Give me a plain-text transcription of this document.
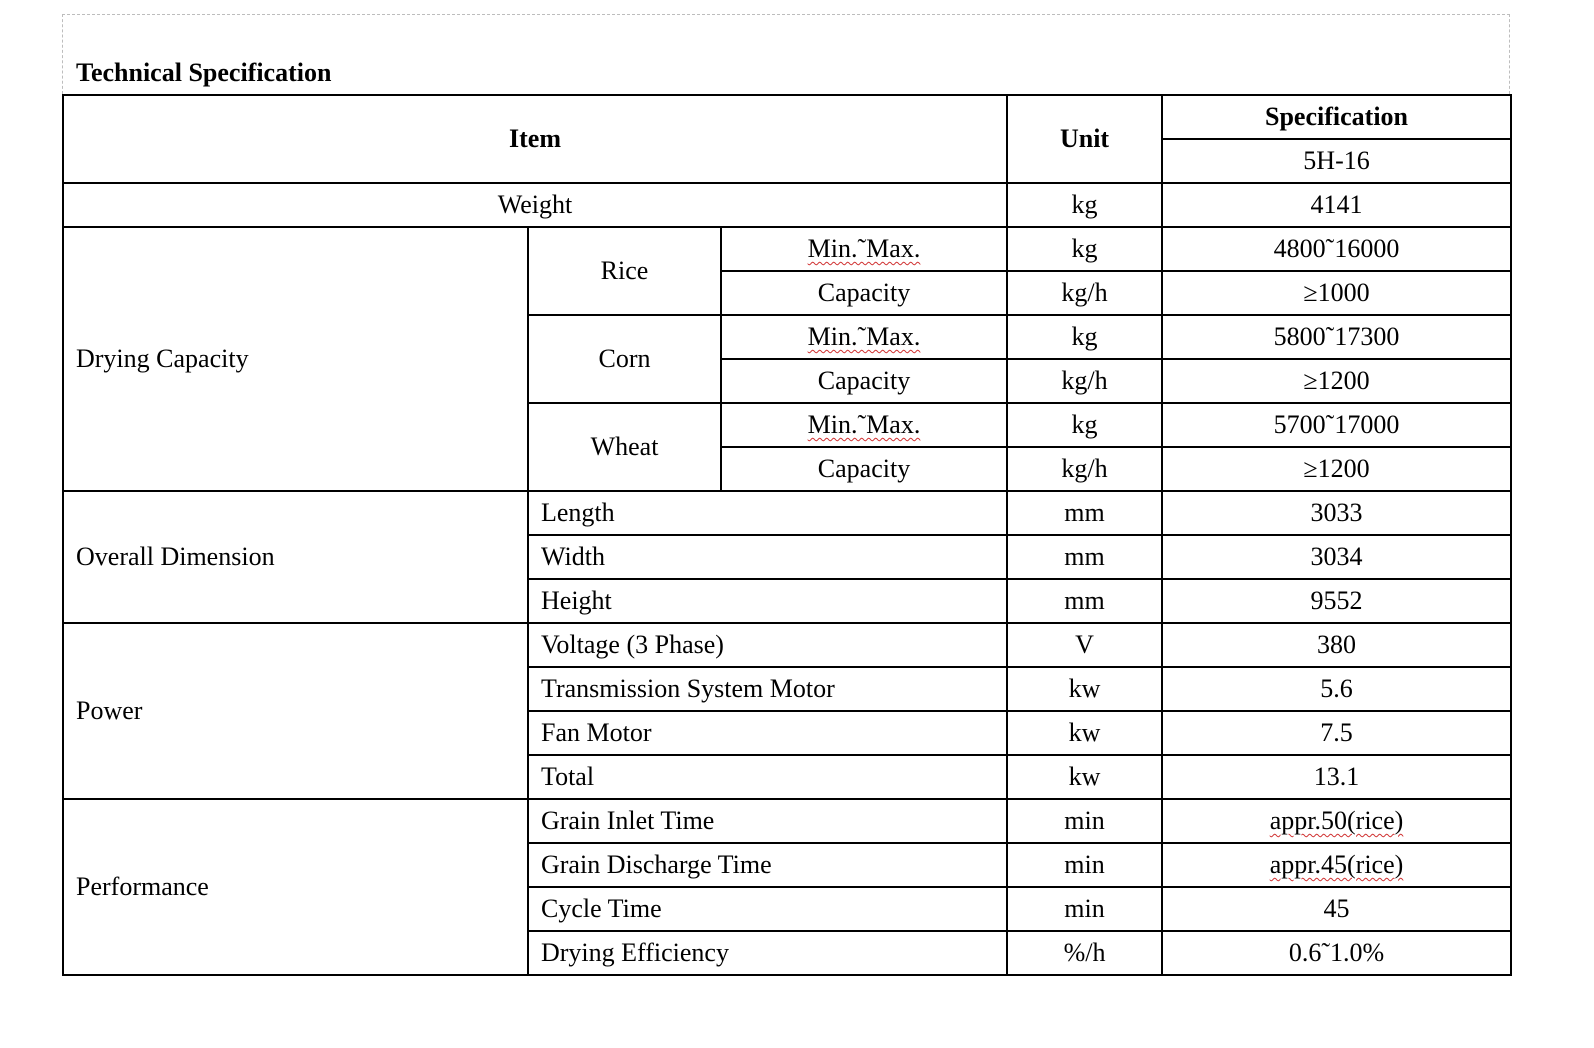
Technical Specification
Item			Unit	Specification
				5H-16
Weight			kg	4141
Drying Capacity	Rice	Min.˜Max.	kg	4800˜16000
		Capacity	kg/h	≥1000
	Corn	Min.˜Max.	kg	5800˜17300
		Capacity	kg/h	≥1200
	Wheat	Min.˜Max.	kg	5700˜17000
		Capacity	kg/h	≥1200
Overall Dimension	Length		mm	3033
	Width		mm	3034
	Height		mm	9552
Power	Voltage (3 Phase)		V	380
	Transmission System Motor		kw	5.6
	Fan Motor		kw	7.5
	Total		kw	13.1
Performance	Grain Inlet Time		min	appr.50(rice)
	Grain Discharge Time		min	appr.45(rice)
	Cycle Time		min	45
	Drying Efficiency		%/h	0.6˜1.0%
